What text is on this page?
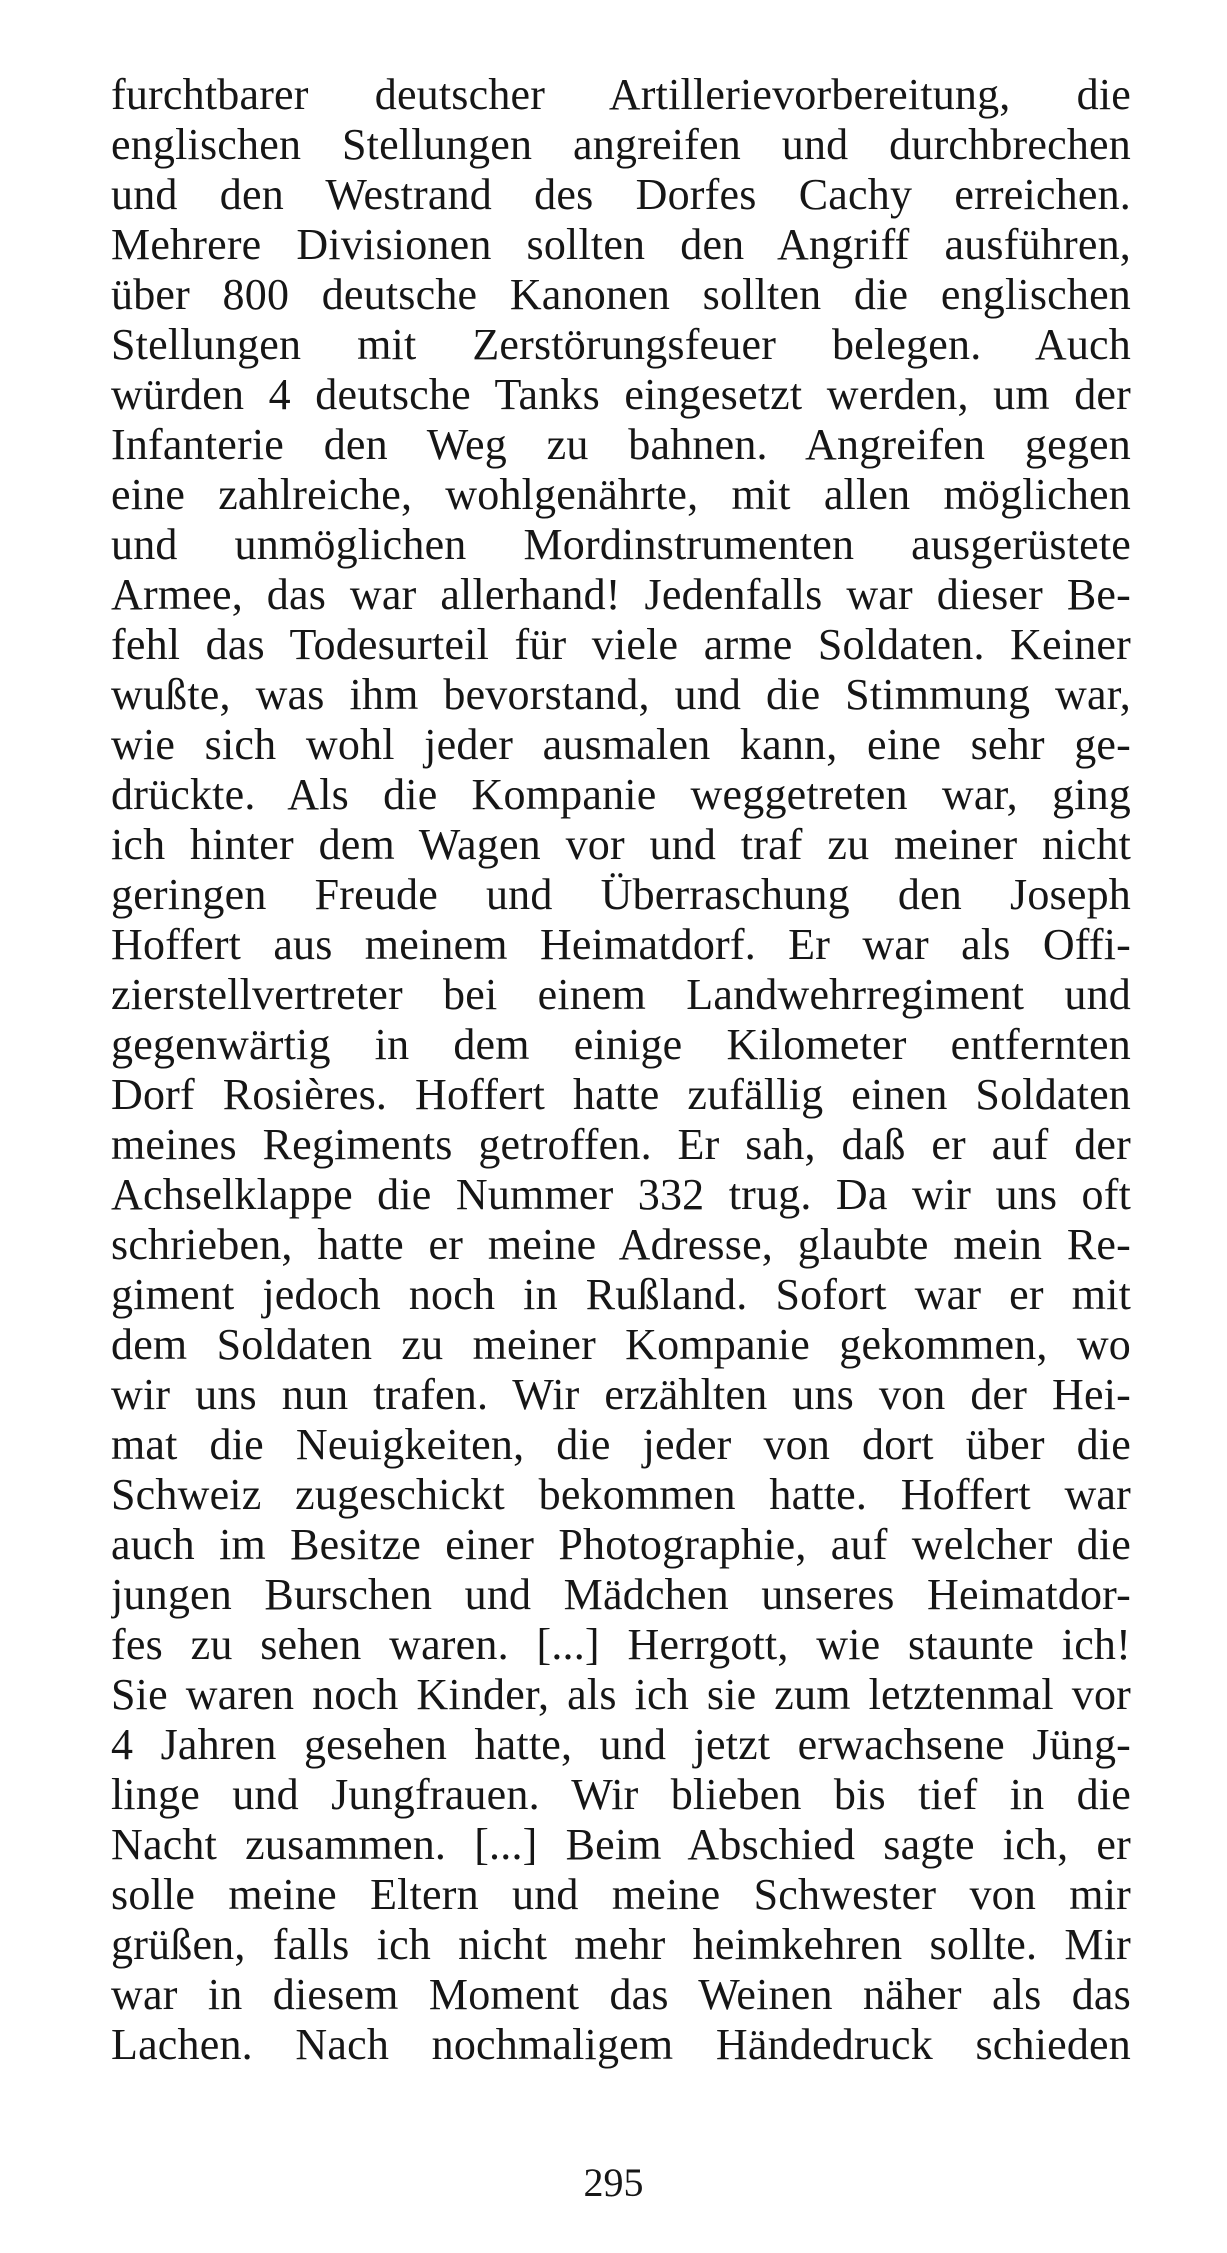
furchtbarer deutscher Artillerievorbereitung, die
englischen Stellungen angreifen und durchbrechen
und den Westrand des Dorfes Cachy erreichen.
Mehrere Divisionen sollten den Angriff ausführen,
über 800 deutsche Kanonen sollten die englischen
Stellungen mit Zerstörungsfeuer belegen. Auch
würden 4 deutsche Tanks eingesetzt werden, um der
Infanterie den Weg zu bahnen. Angreifen gegen
eine zahlreiche, wohlgenährte, mit allen möglichen
und unmöglichen Mordinstrumenten ausgerüstete
Armee, das war allerhand! Jedenfalls war dieser Be-
fehl das Todesurteil für viele arme Soldaten. Keiner
wußte, was ihm bevorstand, und die Stimmung war,
wie sich wohl jeder ausmalen kann, eine sehr ge-
drückte. Als die Kompanie weggetreten war, ging
ich hinter dem Wagen vor und traf zu meiner nicht
geringen Freude und Überraschung den Joseph
Hoffert aus meinem Heimatdorf. Er war als Offi-
zierstellvertreter bei einem Landwehrregiment und
gegenwärtig in dem einige Kilometer entfernten
Dorf Rosières. Hoffert hatte zufällig einen Soldaten
meines Regiments getroffen. Er sah, daß er auf der
Achselklappe die Nummer 332 trug. Da wir uns oft
schrieben, hatte er meine Adresse, glaubte mein Re-
giment jedoch noch in Rußland. Sofort war er mit
dem Soldaten zu meiner Kompanie gekommen, wo
wir uns nun trafen. Wir erzählten uns von der Hei-
mat die Neuigkeiten, die jeder von dort über die
Schweiz zugeschickt bekommen hatte. Hoffert war
auch im Besitze einer Photographie, auf welcher die
jungen Burschen und Mädchen unseres Heimatdor-
fes zu sehen waren. [...] Herrgott, wie staunte ich!
Sie waren noch Kinder, als ich sie zum letztenmal vor
4 Jahren gesehen hatte, und jetzt erwachsene Jüng-
linge und Jungfrauen. Wir blieben bis tief in die
Nacht zusammen. [...] Beim Abschied sagte ich, er
solle meine Eltern und meine Schwester von mir
grüßen, falls ich nicht mehr heimkehren sollte. Mir
war in diesem Moment das Weinen näher als das
Lachen. Nach nochmaligem Händedruck schieden
295
